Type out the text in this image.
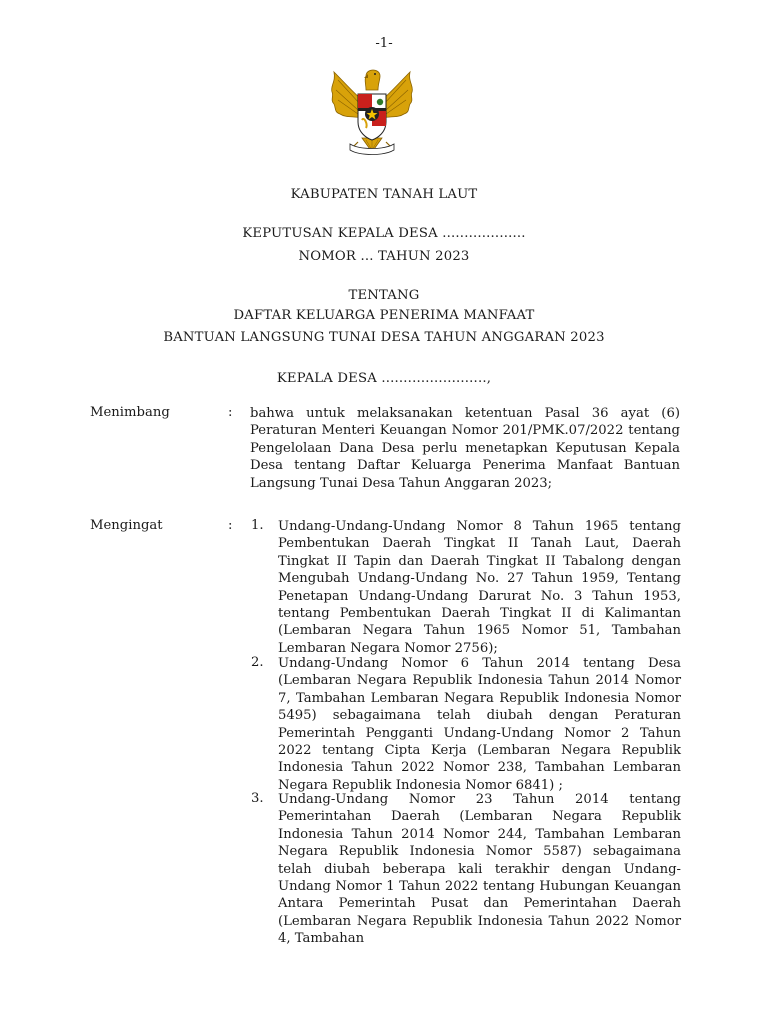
-1-
KABUPATEN TANAH LAUT
KEPUTUSAN KEPALA DESA ...................
NOMOR ... TAHUN 2023
TENTANG
DAFTAR KELUARGA PENERIMA MANFAAT
BANTUAN LANGSUNG TUNAI DESA TAHUN ANGGARAN 2023
KEPALA DESA ........................,
Menimbang	: bahwa untuk melaksanakan ketentuan Pasal 36 ayat (6) Peraturan Menteri Keuangan Nomor 201/PMK.07/2022 tentang Pengelolaan Dana Desa perlu menetapkan Keputusan Kepala Desa tentang Daftar Keluarga Penerima Manfaat Bantuan Langsung Tunai Desa Tahun Anggaran 2023;
Mengingat	: 1. Undang-Undang-Undang Nomor 8 Tahun 1965 tentang Pembentukan Daerah Tingkat II Tanah Laut, Daerah Tingkat II Tapin dan Daerah Tingkat II Tabalong dengan Mengubah Undang-Undang No. 27 Tahun 1959, Tentang Penetapan Undang-Undang Darurat No. 3 Tahun 1953, tentang Pembentukan Daerah Tingkat II di Kalimantan (Lembaran Negara Tahun 1965 Nomor 51, Tambahan Lembaran Negara Nomor 2756);
2. Undang-Undang Nomor 6 Tahun 2014 tentang Desa (Lembaran Negara Republik Indonesia Tahun 2014 Nomor 7, Tambahan Lembaran Negara Republik Indonesia Nomor 5495) sebagaimana telah diubah dengan Peraturan Pemerintah Pengganti Undang-Undang Nomor 2 Tahun 2022 tentang Cipta Kerja (Lembaran Negara Republik Indonesia Tahun 2022 Nomor 238, Tambahan Lembaran Negara Republik Indonesia Nomor 6841) ;
3. Undang-Undang Nomor 23 Tahun 2014 tentang Pemerintahan Daerah (Lembaran Negara Republik Indonesia Tahun 2014 Nomor 244, Tambahan Lembaran Negara Republik Indonesia Nomor 5587) sebagaimana telah diubah beberapa kali terakhir dengan Undang-Undang Nomor 1 Tahun 2022 tentang Hubungan Keuangan Antara Pemerintah Pusat dan Pemerintahan Daerah (Lembaran Negara Republik Indonesia Tahun 2022 Nomor 4, Tambahan
